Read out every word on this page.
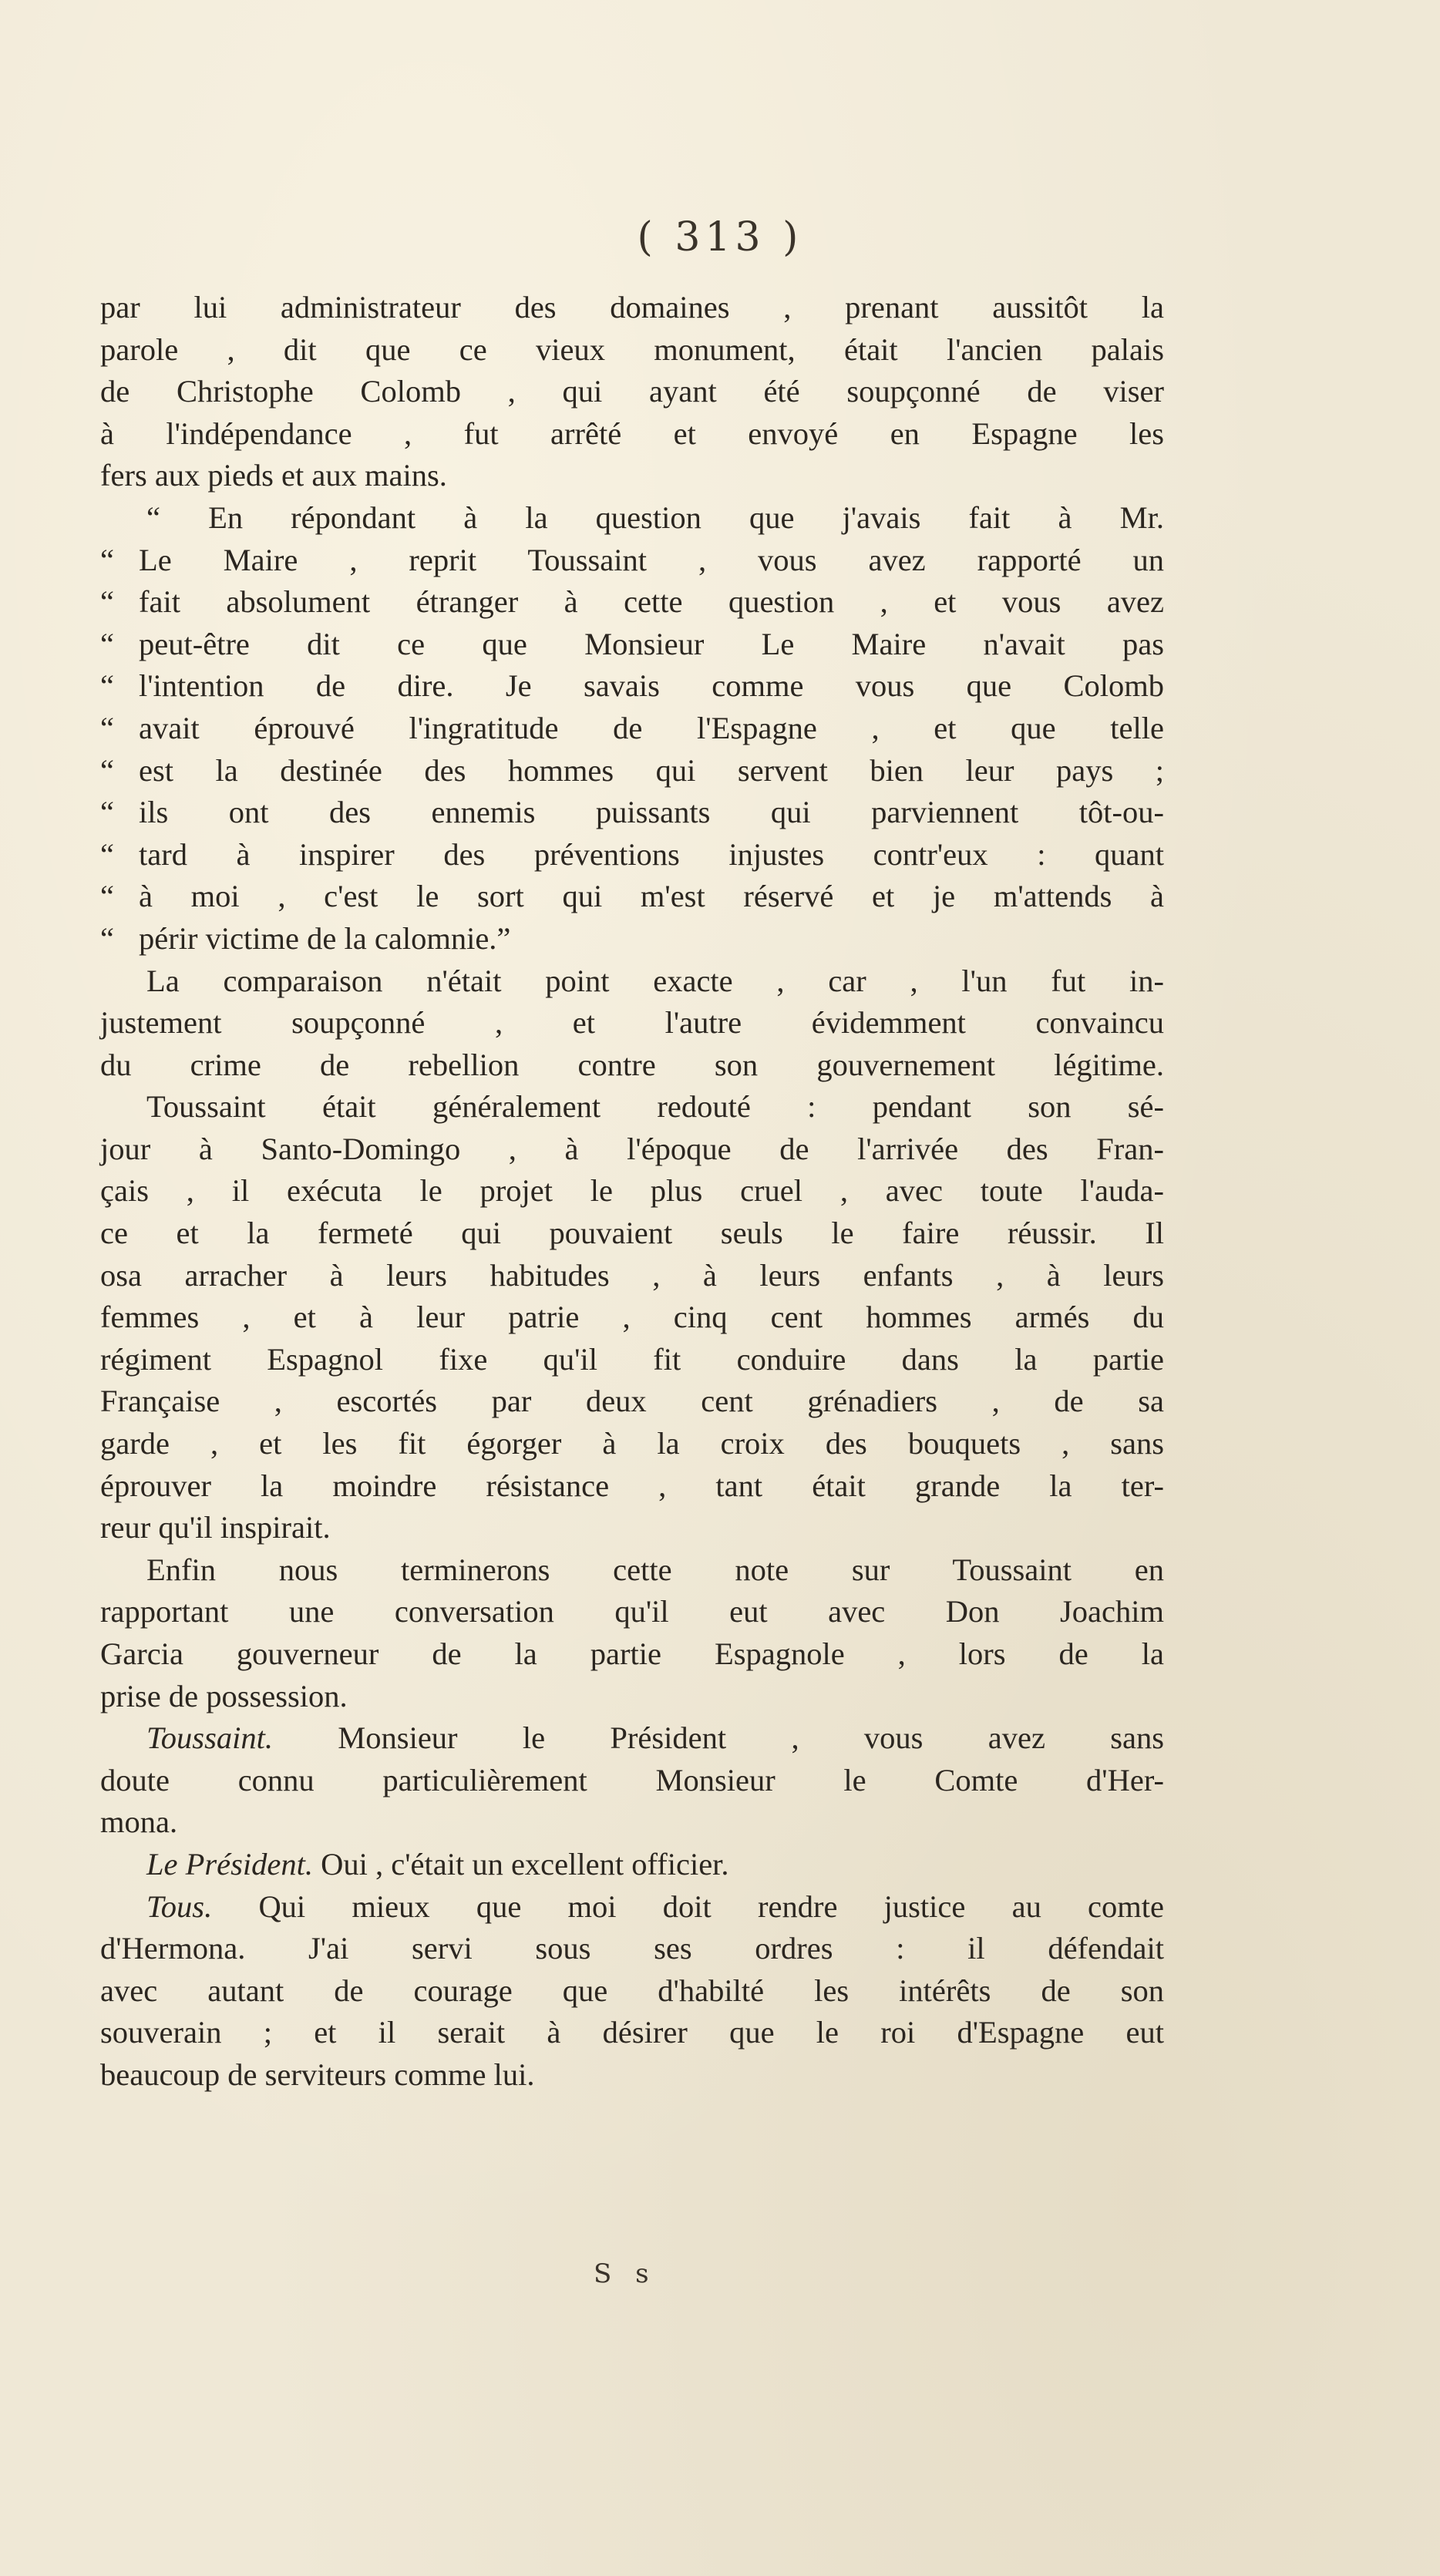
( 313 )
par lui administrateur des domaines , prenant aussitôt la
parole , dit que ce vieux monument, était l'ancien palais
de Christophe Colomb , qui ayant été soupçonné de viser
à l'indépendance , fut arrêté et envoyé en Espagne les
fers aux pieds et aux mains.
“ En répondant à la question que j'avais fait à Mr.
“ Le Maire , reprit Toussaint , vous avez rapporté un
“ fait absolument étranger à cette question , et vous avez
“ peut-être dit ce que Monsieur Le Maire n'avait pas
“ l'intention de dire. Je savais comme vous que Colomb
“ avait éprouvé l'ingratitude de l'Espagne , et que telle
“ est la destinée des hommes qui servent bien leur pays ;
“ ils ont des ennemis puissants qui parviennent tôt-ou-
“ tard à inspirer des préventions injustes contr'eux : quant
“ à moi , c'est le sort qui m'est réservé et je m'attends à
“ périr victime de la calomnie.”
La comparaison n'était point exacte , car , l'un fut in-
justement soupçonné , et l'autre évidemment convaincu
du crime de rebellion contre son gouvernement légitime.
Toussaint était généralement redouté : pendant son sé-
jour à Santo-Domingo , à l'époque de l'arrivée des Fran-
çais , il exécuta le projet le plus cruel , avec toute l'auda-
ce et la fermeté qui pouvaient seuls le faire réussir. Il
osa arracher à leurs habitudes , à leurs enfants , à leurs
femmes , et à leur patrie , cinq cent hommes armés du
régiment Espagnol fixe qu'il fit conduire dans la partie
Française , escortés par deux cent grénadiers , de sa
garde , et les fit égorger à la croix des bouquets , sans
éprouver la moindre résistance , tant était grande la ter-
reur qu'il inspirait.
Enfin nous terminerons cette note sur Toussaint en
rapportant une conversation qu'il eut avec Don Joachim
Garcia gouverneur de la partie Espagnole , lors de la
prise de possession.
Toussaint. Monsieur le Président , vous avez sans
doute connu particulièrement Monsieur le Comte d'Her-
mona.
Le Président. Oui , c'était un excellent officier.
Tous. Qui mieux que moi doit rendre justice au comte
d'Hermona. J'ai servi sous ses ordres : il défendait
avec autant de courage que d'habilté les intérêts de son
souverain ; et il serait à désirer que le roi d'Espagne eut
beaucoup de serviteurs comme lui.
S s
